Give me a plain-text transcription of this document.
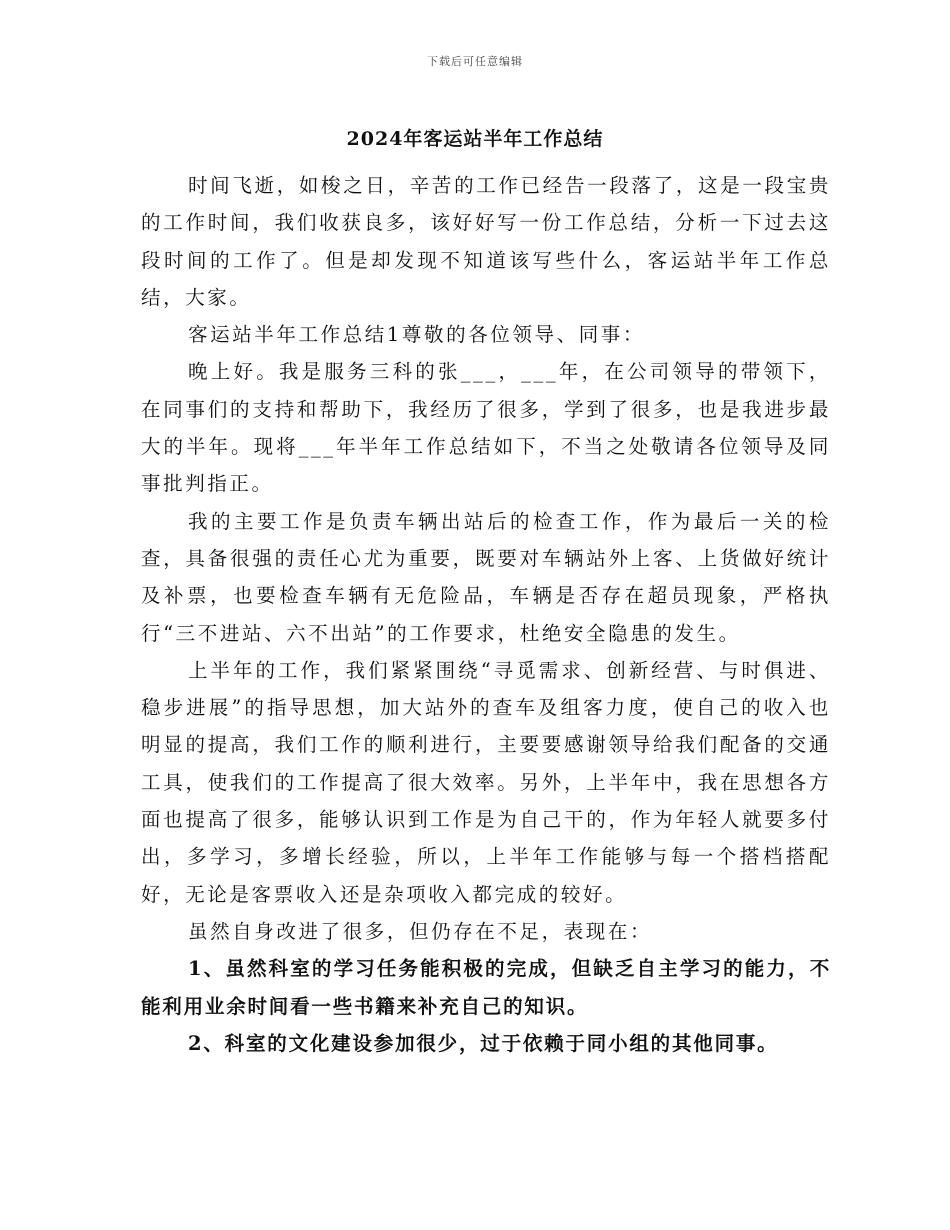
下载后可任意编辑
2024年客运站半年工作总结

时间飞逝，如梭之日，辛苦的工作已经告一段落了，这是一段宝贵的工作时间，我们收获良多，该好好写一份工作总结，分析一下过去这段时间的工作了。但是却发现不知道该写些什么，客运站半年工作总结，大家。

客运站半年工作总结1尊敬的各位领导、同事：

晚上好。我是服务三科的张___，___年，在公司领导的带领下，在同事们的支持和帮助下，我经历了很多，学到了很多，也是我进步最大的半年。现将___年半年工作总结如下，不当之处敬请各位领导及同事批判指正。

我的主要工作是负责车辆出站后的检查工作，作为最后一关的检查，具备很强的责任心尤为重要，既要对车辆站外上客、上货做好统计及补票，也要检查车辆有无危险品，车辆是否存在超员现象，严格执行“三不进站、六不出站”的工作要求，杜绝安全隐患的发生。

上半年的工作，我们紧紧围绕“寻觅需求、创新经营、与时俱进、稳步进展”的指导思想，加大站外的查车及组客力度，使自己的收入也明显的提高，我们工作的顺利进行，主要要感谢领导给我们配备的交通工具，使我们的工作提高了很大效率。另外，上半年中，我在思想各方面也提高了很多，能够认识到工作是为自己干的，作为年轻人就要多付出，多学习，多增长经验，所以，上半年工作能够与每一个搭档搭配好，无论是客票收入还是杂项收入都完成的较好。

虽然自身改进了很多，但仍存在不足，表现在：

1、虽然科室的学习任务能积极的完成，但缺乏自主学习的能力，不能利用业余时间看一些书籍来补充自己的知识。

2、科室的文化建设参加很少，过于依赖于同小组的其他同事。
